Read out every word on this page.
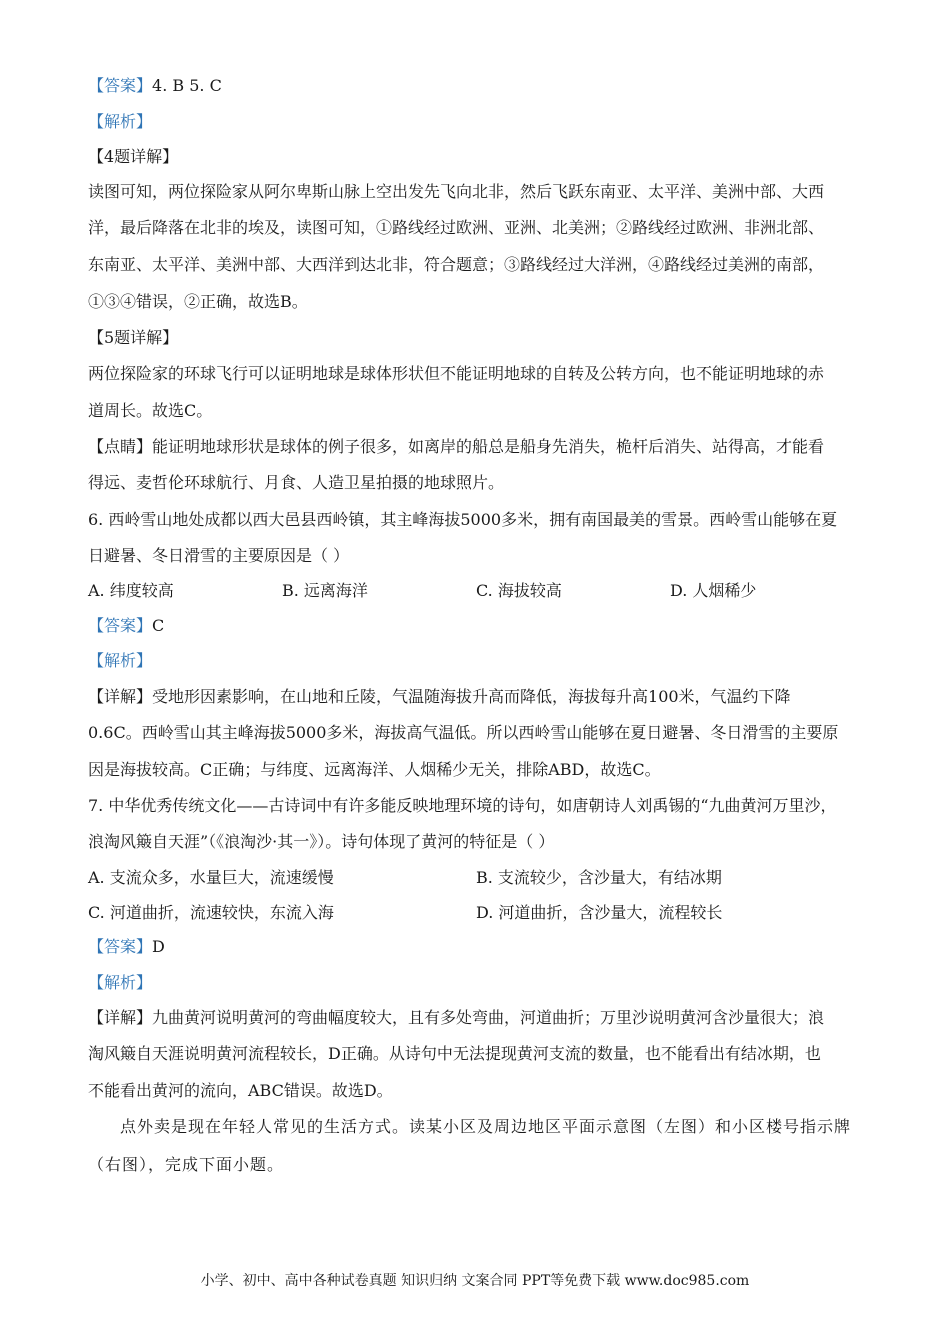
【答案】4. B 5. C
【解析】
【4题详解】
读图可知，两位探险家从阿尔卑斯山脉上空出发先飞向北非，然后飞跃东南亚、太平洋、美洲中部、大西
洋，最后降落在北非的埃及，读图可知，①路线经过欧洲、亚洲、北美洲；②路线经过欧洲、非洲北部、
东南亚、太平洋、美洲中部、大西洋到达北非，符合题意；③路线经过大洋洲，④路线经过美洲的南部，
①③④错误，②正确，故选B。
【5题详解】
两位探险家的环球飞行可以证明地球是球体形状但不能证明地球的自转及公转方向，也不能证明地球的赤
道周长。故选C。
【点睛】能证明地球形状是球体的例子很多，如离岸的船总是船身先消失，桅杆后消失、站得高，才能看
得远、麦哲伦环球航行、月食、人造卫星拍摄的地球照片。
6. 西岭雪山地处成都以西大邑县西岭镇，其主峰海拔5000多米，拥有南国最美的雪景。西岭雪山能够在夏
日避暑、冬日滑雪的主要原因是（ ）
A. 纬度较高	B. 远离海洋	C. 海拔较高	D. 人烟稀少
【答案】C
【解析】
【详解】受地形因素影响，在山地和丘陵，气温随海拔升高而降低，海拔每升高100米，气温约下降
0.6C。西岭雪山其主峰海拔5000多米，海拔高气温低。所以西岭雪山能够在夏日避暑、冬日滑雪的主要原
因是海拔较高。C正确；与纬度、远离海洋、人烟稀少无关，排除ABD，故选C。
7. 中华优秀传统文化——古诗词中有许多能反映地理环境的诗句，如唐朝诗人刘禹锡的“九曲黄河万里沙，
浪淘风簸自天涯”（《浪淘沙·其一》）。诗句体现了黄河的特征是（ ）
A. 支流众多，水量巨大，流速缓慢	B. 支流较少，含沙量大，有结冰期
C. 河道曲折，流速较快，东流入海	D. 河道曲折，含沙量大，流程较长
【答案】D
【解析】
【详解】九曲黄河说明黄河的弯曲幅度较大，且有多处弯曲，河道曲折；万里沙说明黄河含沙量很大；浪
淘风簸自天涯说明黄河流程较长，D正确。从诗句中无法提现黄河支流的数量，也不能看出有结冰期，也
不能看出黄河的流向，ABC错误。故选D。
点外卖是现在年轻人常见的生活方式。读某小区及周边地区平面示意图（左图）和小区楼号指示牌
（右图），完成下面小题。
小学、初中、高中各种试卷真题 知识归纳 文案合同 PPT等免费下载 www.doc985.com
